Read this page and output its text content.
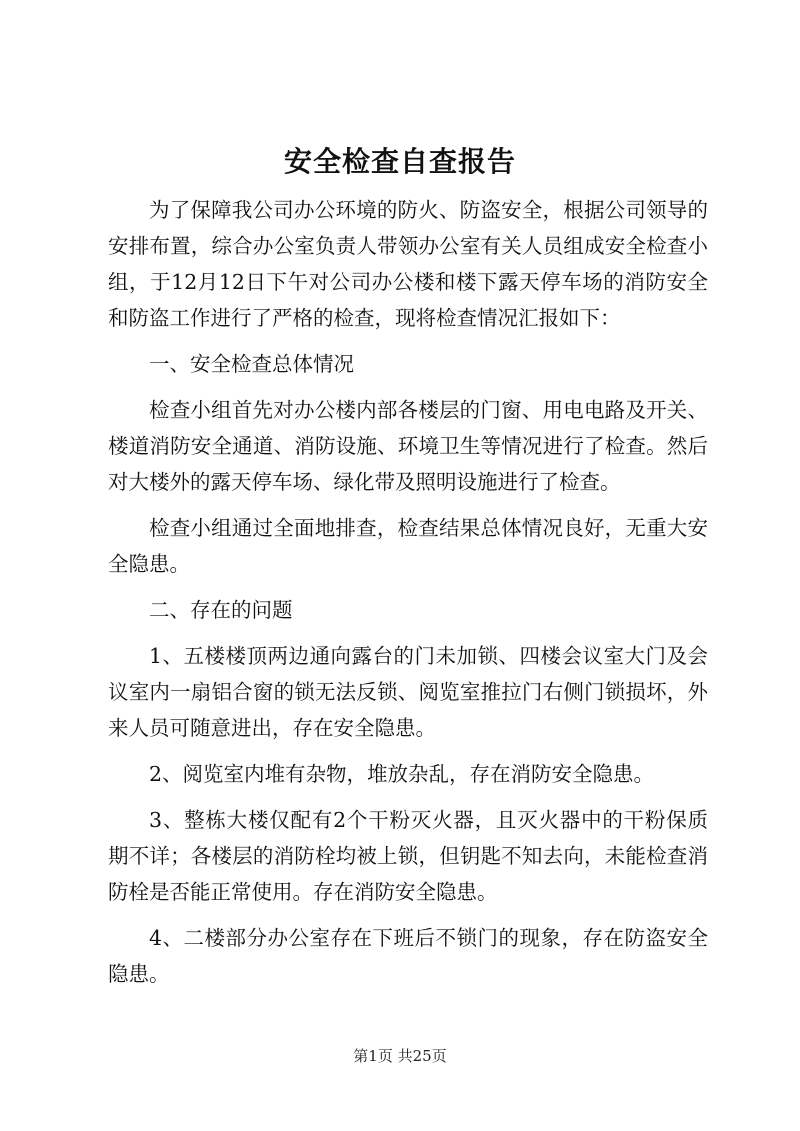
安全检查自查报告

为了保障我公司办公环境的防火、防盗安全，根据公司领导的安排布置，综合办公室负责人带领办公室有关人员组成安全检查小组，于12月12日下午对公司办公楼和楼下露天停车场的消防安全和防盗工作进行了严格的检查，现将检查情况汇报如下：

一、安全检查总体情况

检查小组首先对办公楼内部各楼层的门窗、用电电路及开关、楼道消防安全通道、消防设施、环境卫生等情况进行了检查。然后对大楼外的露天停车场、绿化带及照明设施进行了检查。

检查小组通过全面地排查，检查结果总体情况良好，无重大安全隐患。

二、存在的问题

1、五楼楼顶两边通向露台的门未加锁、四楼会议室大门及会议室内一扇铝合窗的锁无法反锁、阅览室推拉门右侧门锁损坏，外来人员可随意进出，存在安全隐患。

2、阅览室内堆有杂物，堆放杂乱，存在消防安全隐患。

3、整栋大楼仅配有2个干粉灭火器，且灭火器中的干粉保质期不详；各楼层的消防栓均被上锁，但钥匙不知去向，未能检查消防栓是否能正常使用。存在消防安全隐患。

4、二楼部分办公室存在下班后不锁门的现象，存在防盗安全隐患。

第1页 共25页
